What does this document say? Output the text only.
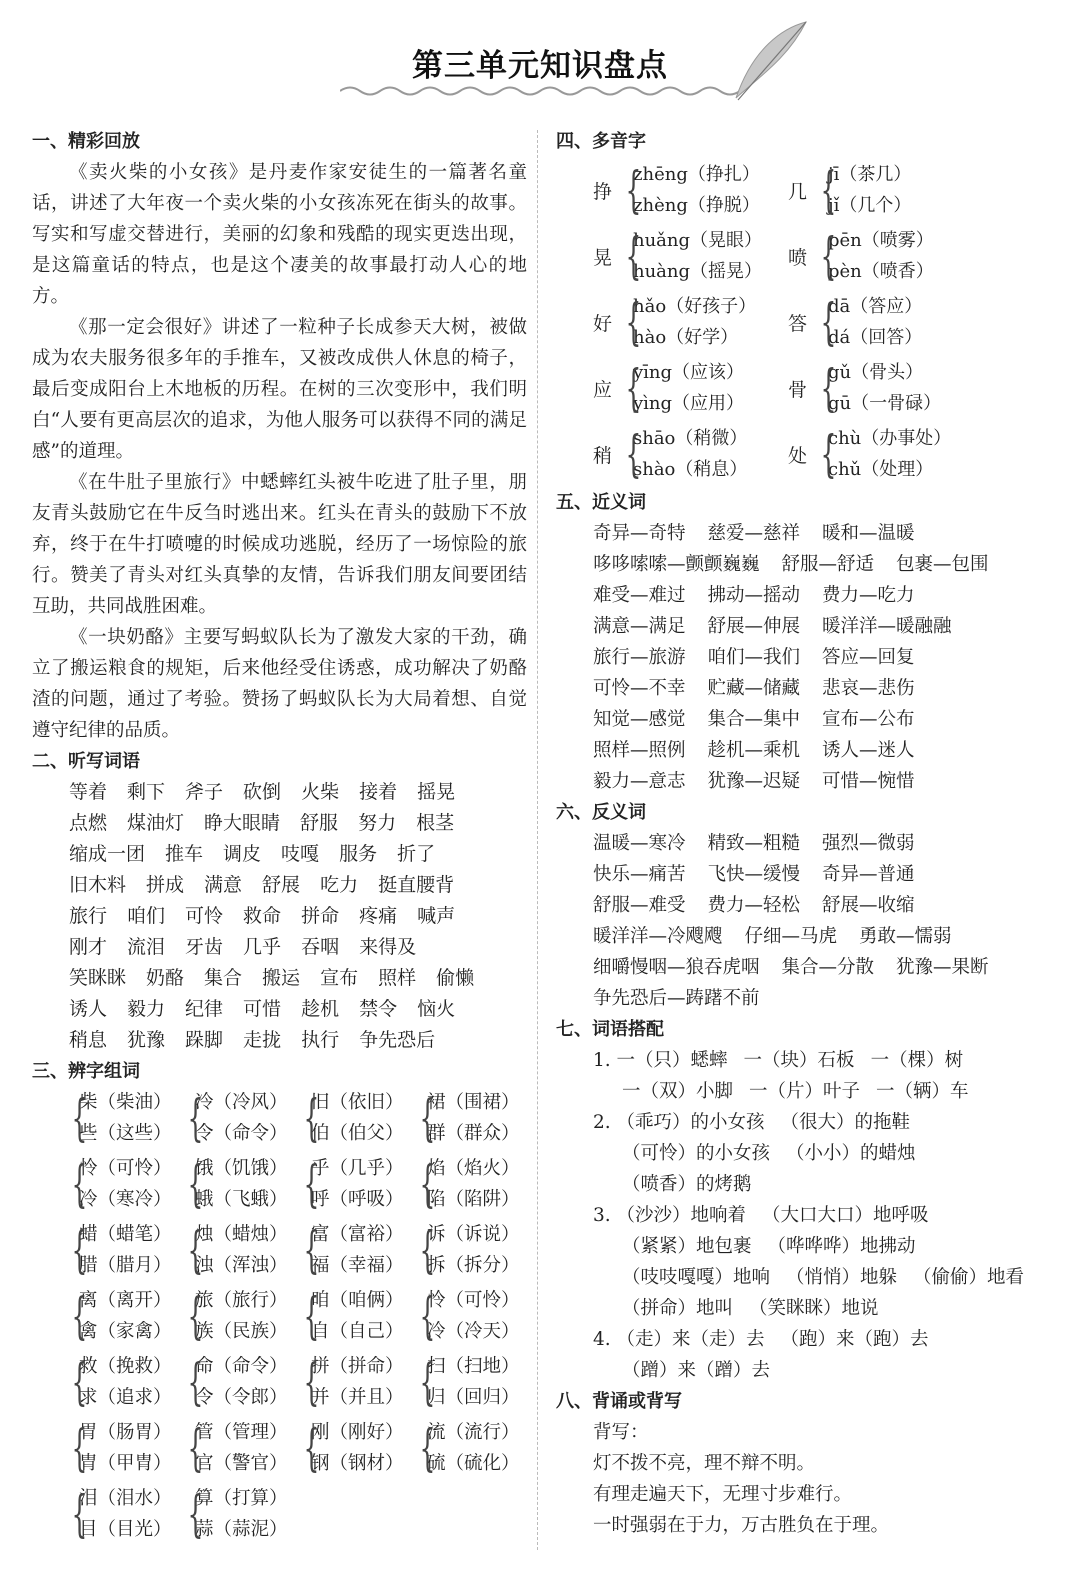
第三单元知识盘点
一、精彩回放
《卖火柴的小女孩》是丹麦作家安徒生的一篇著名童话，讲述了大年夜一个卖火柴的小女孩冻死在街头的故事。写实和写虚交替进行，美丽的幻象和残酷的现实更迭出现，是这篇童话的特点，也是这个凄美的故事最打动人心的地方。
《那一定会很好》讲述了一粒种子长成参天大树，被做成为农夫服务很多年的手推车，又被改成供人休息的椅子，最后变成阳台上木地板的历程。在树的三次变形中，我们明白“人要有更高层次的追求，为他人服务可以获得不同的满足感”的道理。
《在牛肚子里旅行》中蟋蟀红头被牛吃进了肚子里，朋友青头鼓励它在牛反刍时逃出来。红头在青头的鼓励下不放弃，终于在牛打喷嚏的时候成功逃脱，经历了一场惊险的旅行。赞美了青头对红头真挚的友情，告诉我们朋友间要团结互助，共同战胜困难。
《一块奶酪》主要写蚂蚁队长为了激发大家的干劲，确立了搬运粮食的规矩，后来他经受住诱惑，成功解决了奶酪渣的问题，通过了考验。赞扬了蚂蚁队长为大局着想、自觉遵守纪律的品质。
二、听写词语
等着 剩下 斧子 砍倒 火柴 接着 摇晃
点燃 煤油灯 睁大眼睛 舒服 努力 根茎
缩成一团 推车 调皮 吱嘎 服务 折了
旧木料 拼成 满意 舒展 吃力 挺直腰背
旅行 咱们 可怜 救命 拼命 疼痛 喊声
刚才 流泪 牙齿 几乎 吞咽 来得及
笑眯眯 奶酪 集合 搬运 宣布 照样 偷懒
诱人 毅力 纪律 可惜 趁机 禁令 恼火
稍息 犹豫 跺脚 走拢 执行 争先恐后
三、辨字组词
{
柴（柴油）
些（这些） {
冷（冷风）
令（命令） {
旧（依旧）
伯（伯父） {
裙（围裙）
群（群众）
{
怜（可怜）
冷（寒冷） {
饿（饥饿）
蛾（飞蛾） {
乎（几乎）
呼（呼吸） {
焰（焰火）
陷（陷阱）
{
蜡（蜡笔）
腊（腊月） {
烛（蜡烛）
浊（浑浊） {
富（富裕）
福（幸福） {
诉（诉说）
拆（拆分）
{
离（离开）
禽（家禽） {
旅（旅行）
族（民族） {
咱（咱俩）
自（自己） {
怜（可怜）
冷（冷天）
{
救（挽救）
求（追求） {
命（命令）
令（令郎） {
拼（拼命）
并（并且） {
扫（扫地）
归（回归）
{
胃（肠胃）
胄（甲胄） {
管（管理）
官（警官） {
刚（刚好）
钢（钢材） {
流（流行）
硫（硫化）
{
泪（泪水）
目（目光） {
算（打算）
蒜（蒜泥）
四、多音字
挣 {
zhēng（挣扎）
zhèng（挣脱）
几 {
jī（茶几）
jǐ（几个）
晃 {
huǎng（晃眼）
huàng（摇晃）
喷 {
pēn（喷雾）
pèn（喷香）
好 {
hǎo（好孩子）
hào（好学）
答 {
dā（答应）
dá（回答）
应 {
yīng（应该）
yìng（应用）
骨 {
gǔ（骨头）
gū（一骨碌）
稍 {
shāo（稍微）
shào（稍息）
处 {
chù（办事处）
chǔ（处理）
五、近义词
奇异—奇特 慈爱—慈祥 暖和—温暖
哆哆嗦嗦—颤颤巍巍 舒服—舒适 包裹—包围
难受—难过 拂动—摇动 费力—吃力
满意—满足 舒展—伸展 暖洋洋—暖融融
旅行—旅游 咱们—我们 答应—回复
可怜—不幸 贮藏—储藏 悲哀—悲伤
知觉—感觉 集合—集中 宣布—公布
照样—照例 趁机—乘机 诱人—迷人
毅力—意志 犹豫—迟疑 可惜—惋惜
六、反义词
温暖—寒冷 精致—粗糙 强烈—微弱
快乐—痛苦 飞快—缓慢 奇异—普通
舒服—难受 费力—轻松 舒展—收缩
暖洋洋—冷飕飕 仔细—马虎 勇敢—懦弱
细嚼慢咽—狼吞虎咽 集合—分散 犹豫—果断
争先恐后—踌躇不前
七、词语搭配
1. 一（只）蟋蟀 一（块）石板 一（棵）树
一（双）小脚 一（片）叶子 一（辆）车
2. （乖巧）的小女孩 （很大）的拖鞋
（可怜）的小女孩 （小小）的蜡烛
（喷香）的烤鹅
3. （沙沙）地响着 （大口大口）地呼吸
（紧紧）地包裹 （哗哗哗）地拂动
（吱吱嘎嘎）地响 （悄悄）地躲 （偷偷）地看
（拼命）地叫 （笑眯眯）地说
4. （走）来（走）去 （跑）来（跑）去
（蹭）来（蹭）去
八、背诵或背写
背写：
灯不拨不亮，理不辩不明。
有理走遍天下，无理寸步难行。
一时强弱在于力，万古胜负在于理。
